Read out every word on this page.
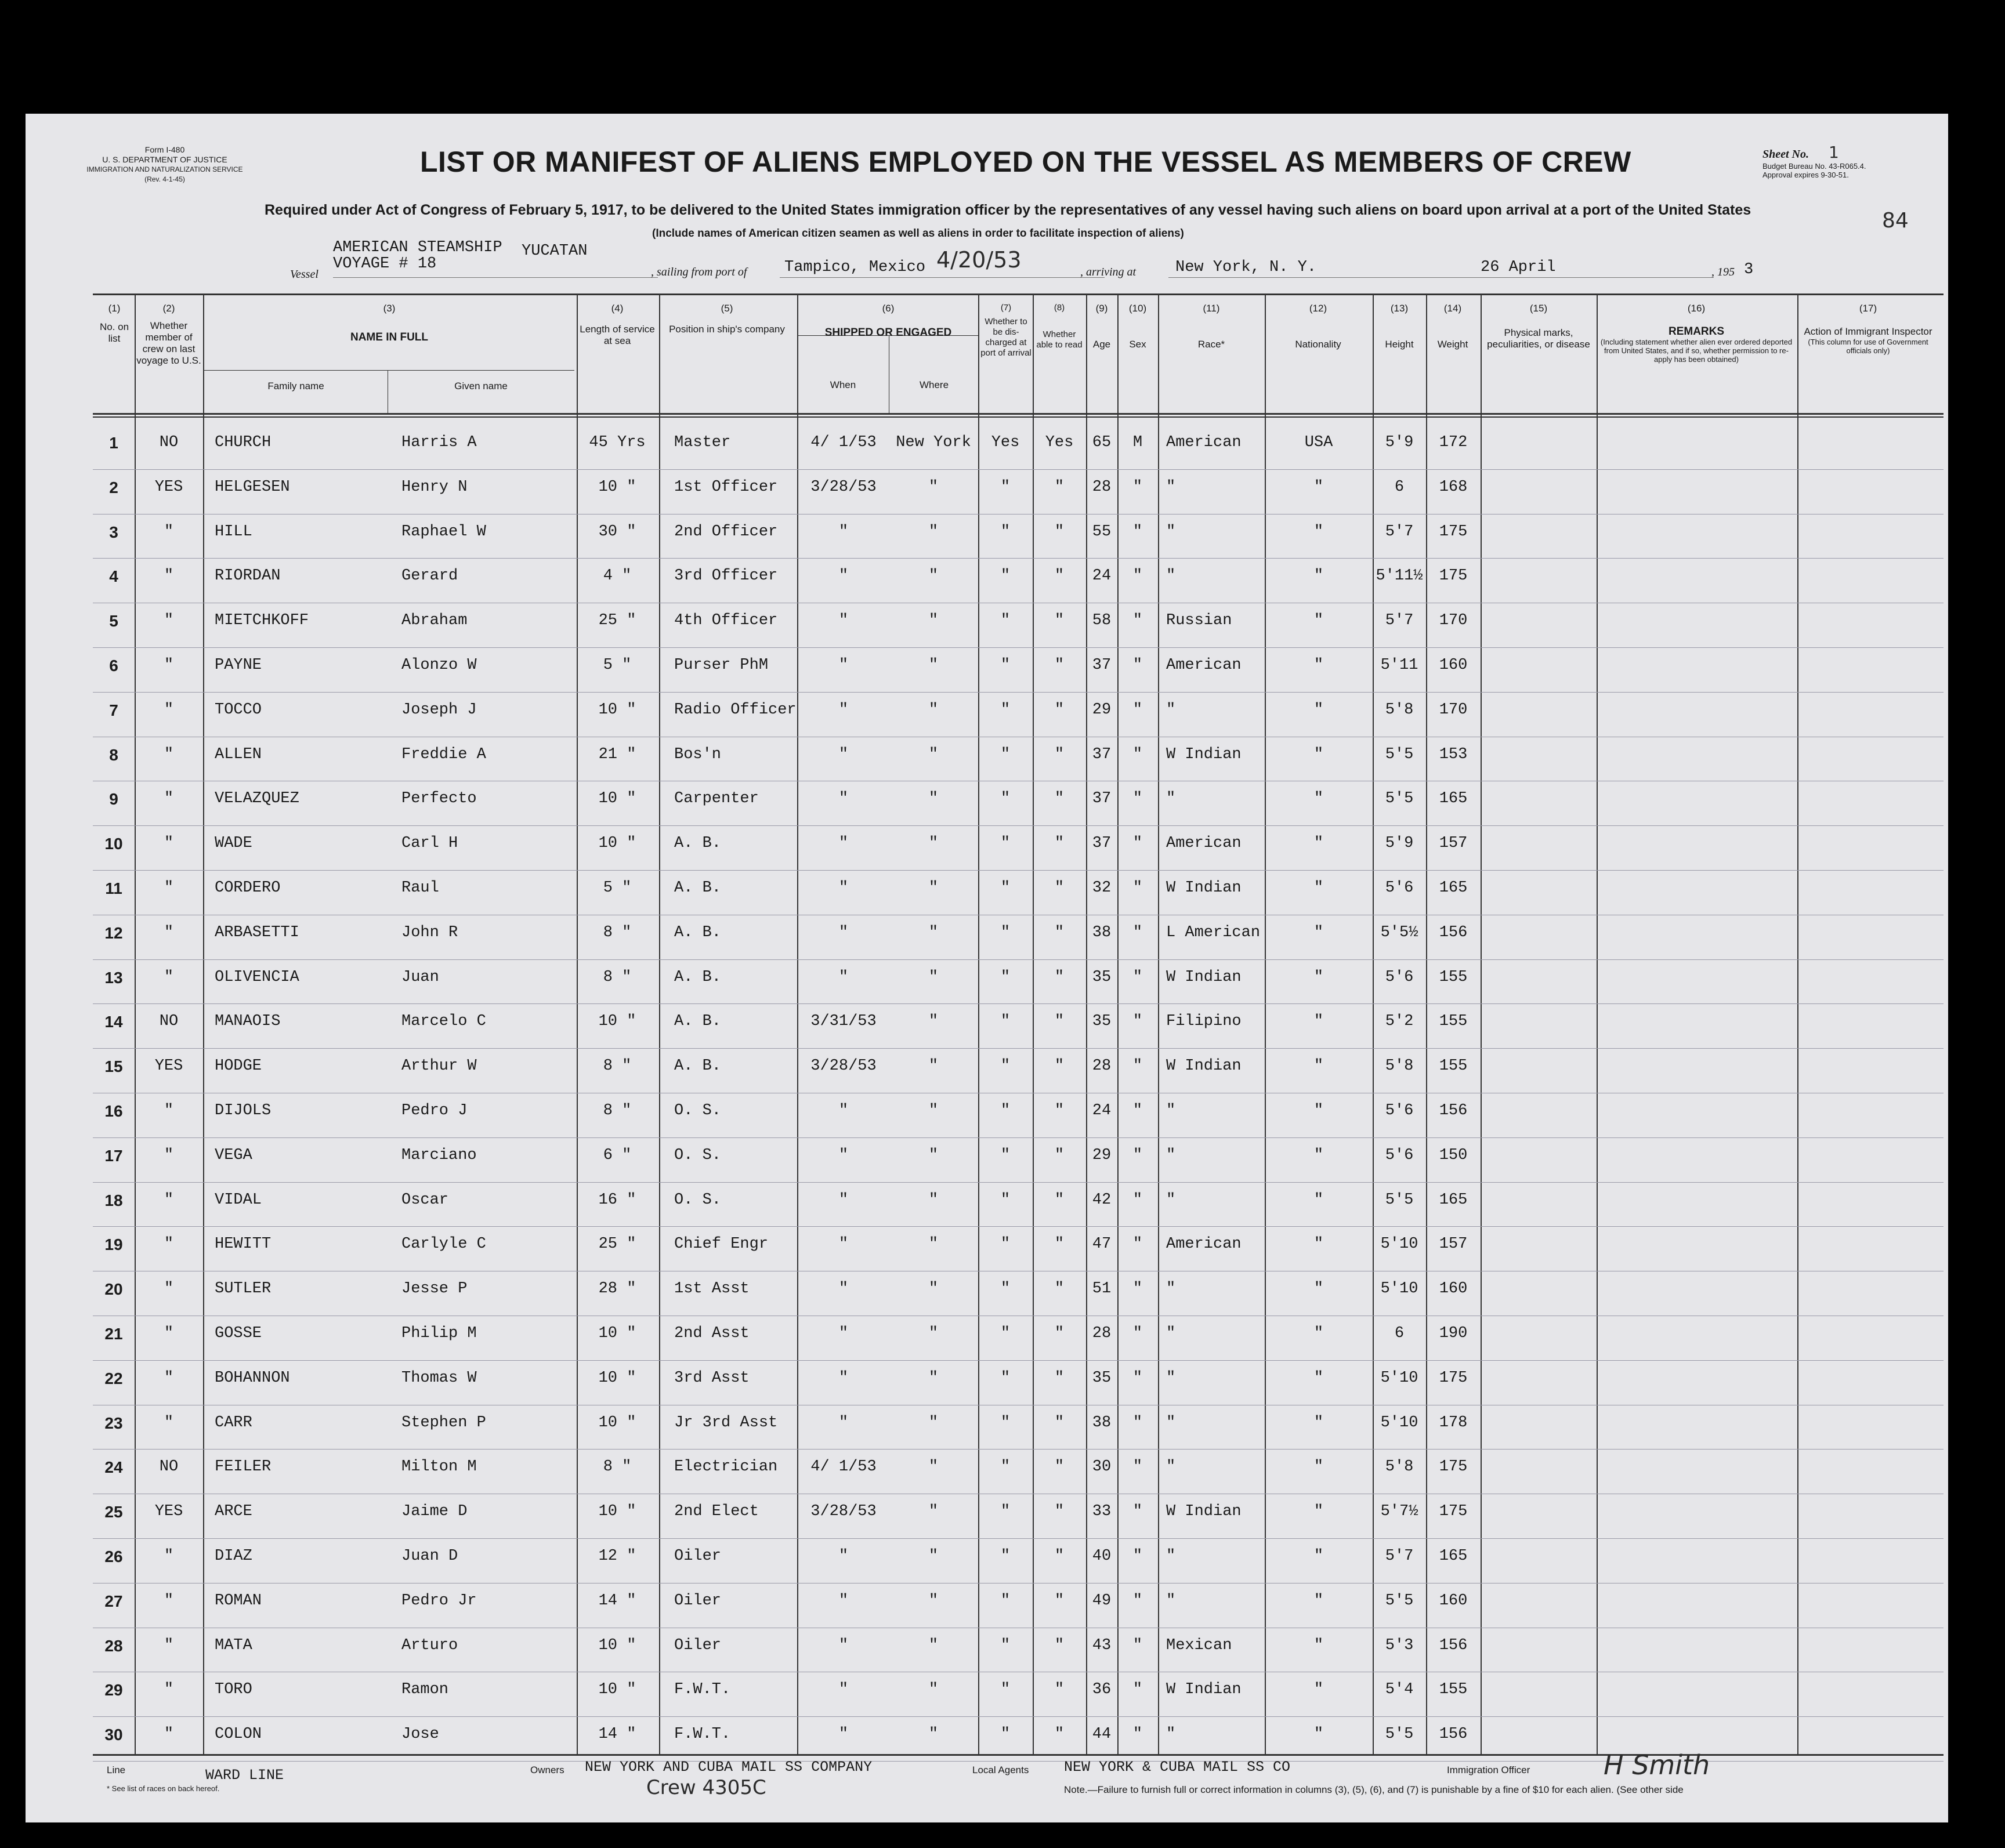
Form I-480
U. S. DEPARTMENT OF JUSTICE
IMMIGRATION AND NATURALIZATION SERVICE
(Rev. 4-1-45)
LIST OR MANIFEST OF ALIENS EMPLOYED ON THE VESSEL AS MEMBERS OF CREW	Sheet No. 1
Budget Bureau No. 43-R065.4.
Approval expires 9-30-51.
84
Required under Act of Congress of February 5, 1917, to be delivered to the United States immigration officer by the representatives of any vessel having such aliens on board upon arrival at a port of the United States
(Include names of American citizen seamen as well as aliens in order to facilitate inspection of aliens)
AMERICAN STEAMSHIP YUCATAN
Vessel
VOYAGE # 18	, sailing from port of Tampico, Mexico 4/20/53	, arriving at	New York, N. Y.	26 April	, 195 3
(1)
No. on list
(2)
Whether member of crew on last voyage to U.S.
(3)
NAME IN FULL
Family name	Given name
(4)
Length of service at sea
(5)
Position in ship's company
(6)
SHIPPED OR ENGAGED
When	Where
(7)
Whether to be dis-charged at port of arrival
(8)
Whether able to read
(9)
Age
(10)
Sex
(11)
Race*
(12)
Nationality
(13)
Height
(14)
Weight
(15)
Physical marks, peculiarities, or disease
(16)
REMARKS
(Including statement whether alien ever ordered deported from United States, and if so, whether permission to re-apply has been obtained)
(17)
Action of Immigrant Inspector
(This column for use of Government officials only)
1	NO	CHURCH	Harris A	45 Yrs	Master	4/ 1/53	New York	Yes	Yes	65	M	American	USA	5'9	172
2	YES	HELGESEN	Henry N	10 "	1st Officer	3/28/53	"	"	"	28	"	"	"	6	168
3	"	HILL	Raphael W	30 "	2nd Officer	"	"	"	"	55	"	"	"	5'7	175
4	"	RIORDAN	Gerard	4 "	3rd Officer	"	"	"	"	24	"	"	"	5'11½	175
5	"	MIETCHKOFF	Abraham	25 "	4th Officer	"	"	"	"	58	"	Russian	"	5'7	170
6	"	PAYNE	Alonzo W	5 "	Purser PhM	"	"	"	"	37	"	American	"	5'11	160
7	"	TOCCO	Joseph J	10 "	Radio Officer	"	"	"	"	29	"	"	"	5'8	170
8	"	ALLEN	Freddie A	21 "	Bos'n	"	"	"	"	37	"	W Indian	"	5'5	153
9	"	VELAZQUEZ	Perfecto	10 "	Carpenter	"	"	"	"	37	"	"	"	5'5	165
10	"	WADE	Carl H	10 "	A. B.	"	"	"	"	37	"	American	"	5'9	157
11	"	CORDERO	Raul	5 "	A. B.	"	"	"	"	32	"	W Indian	"	5'6	165
12	"	ARBASETTI	John R	8 "	A. B.	"	"	"	"	38	"	L American	"	5'5½	156
13	"	OLIVENCIA	Juan	8 "	A. B.	"	"	"	"	35	"	W Indian	"	5'6	155
14	NO	MANAOIS	Marcelo C	10 "	A. B.	3/31/53	"	"	"	35	"	Filipino	"	5'2	155
15	YES	HODGE	Arthur W	8 "	A. B.	3/28/53	"	"	"	28	"	W Indian	"	5'8	155
16	"	DIJOLS	Pedro J	8 "	O. S.	"	"	"	"	24	"	"	"	5'6	156
17	"	VEGA	Marciano	6 "	O. S.	"	"	"	"	29	"	"	"	5'6	150
18	"	VIDAL	Oscar	16 "	O. S.	"	"	"	"	42	"	"	"	5'5	165
19	"	HEWITT	Carlyle C	25 "	Chief Engr	"	"	"	"	47	"	American	"	5'10	157
20	"	SUTLER	Jesse P	28 "	1st Asst	"	"	"	"	51	"	"	"	5'10	160
21	"	GOSSE	Philip M	10 "	2nd Asst	"	"	"	"	28	"	"	"	6	190
22	"	BOHANNON	Thomas W	10 "	3rd Asst	"	"	"	"	35	"	"	"	5'10	175
23	"	CARR	Stephen P	10 "	Jr 3rd Asst	"	"	"	"	38	"	"	"	5'10	178
24	NO	FEILER	Milton M	8 "	Electrician	4/ 1/53	"	"	"	30	"	"	"	5'8	175
25	YES	ARCE	Jaime D	10 "	2nd Elect	3/28/53	"	"	"	33	"	W Indian	"	5'7½	175
26	"	DIAZ	Juan D	12 "	Oiler	"	"	"	"	40	"	"	"	5'7	165
27	"	ROMAN	Pedro Jr	14 "	Oiler	"	"	"	"	49	"	"	"	5'5	160
28	"	MATA	Arturo	10 "	Oiler	"	"	"	"	43	"	Mexican	"	5'3	156
29	"	TORO	Ramon	10 "	F.W.T.	"	"	"	"	36	"	W Indian	"	5'4	155
30	"	COLON	Jose	14 "	F.W.T.	"	"	"	"	44	"	"	"	5'5	156
Line	WARD LINE	Owners NEW YORK AND CUBA MAIL SS COMPANY
Crew 4305C
Local Agents NEW YORK & CUBA MAIL SS CO	Immigration Officer	H Smith
* See list of races on back hereof.	Note.—Failure to furnish full or correct information in columns (3), (5), (6), and (7) is punishable by a fine of $10 for each alien. (See other side
